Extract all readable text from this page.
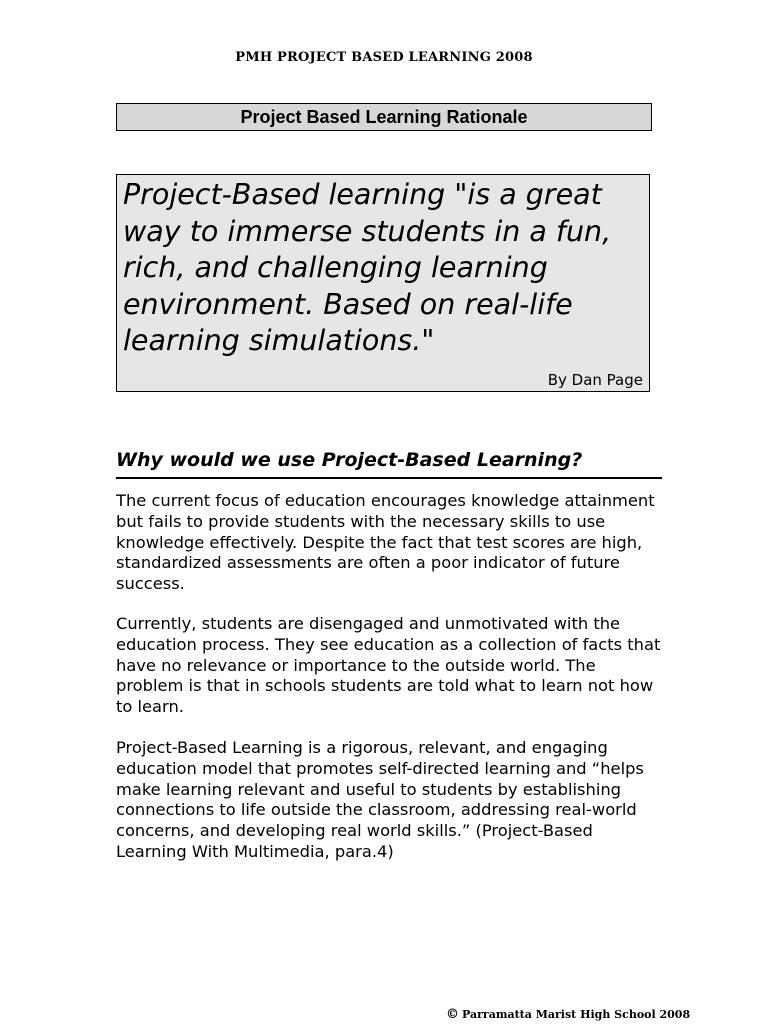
PMH PROJECT BASED LEARNING 2008
Project Based Learning Rationale

Project-Based learning "is a great way to immerse students in a fun, rich, and challenging learning environment. Based on real-life learning simulations."

By Dan Page
Why would we use Project-Based Learning?

The current focus of education encourages knowledge attainment but fails to provide students with the necessary skills to use knowledge effectively. Despite the fact that test scores are high, standardized assessments are often a poor indicator of future success.

Currently, students are disengaged and unmotivated with the education process. They see education as a collection of facts that have no relevance or importance to the outside world. The problem is that in schools students are told what to learn not how to learn.

Project-Based Learning is a rigorous, relevant, and engaging education model that promotes self-directed learning and “helps make learning relevant and useful to students by establishing connections to life outside the classroom, addressing real-world concerns, and developing real world skills.” (Project-Based Learning With Multimedia, para.4)

© Parramatta Marist High School 2008
